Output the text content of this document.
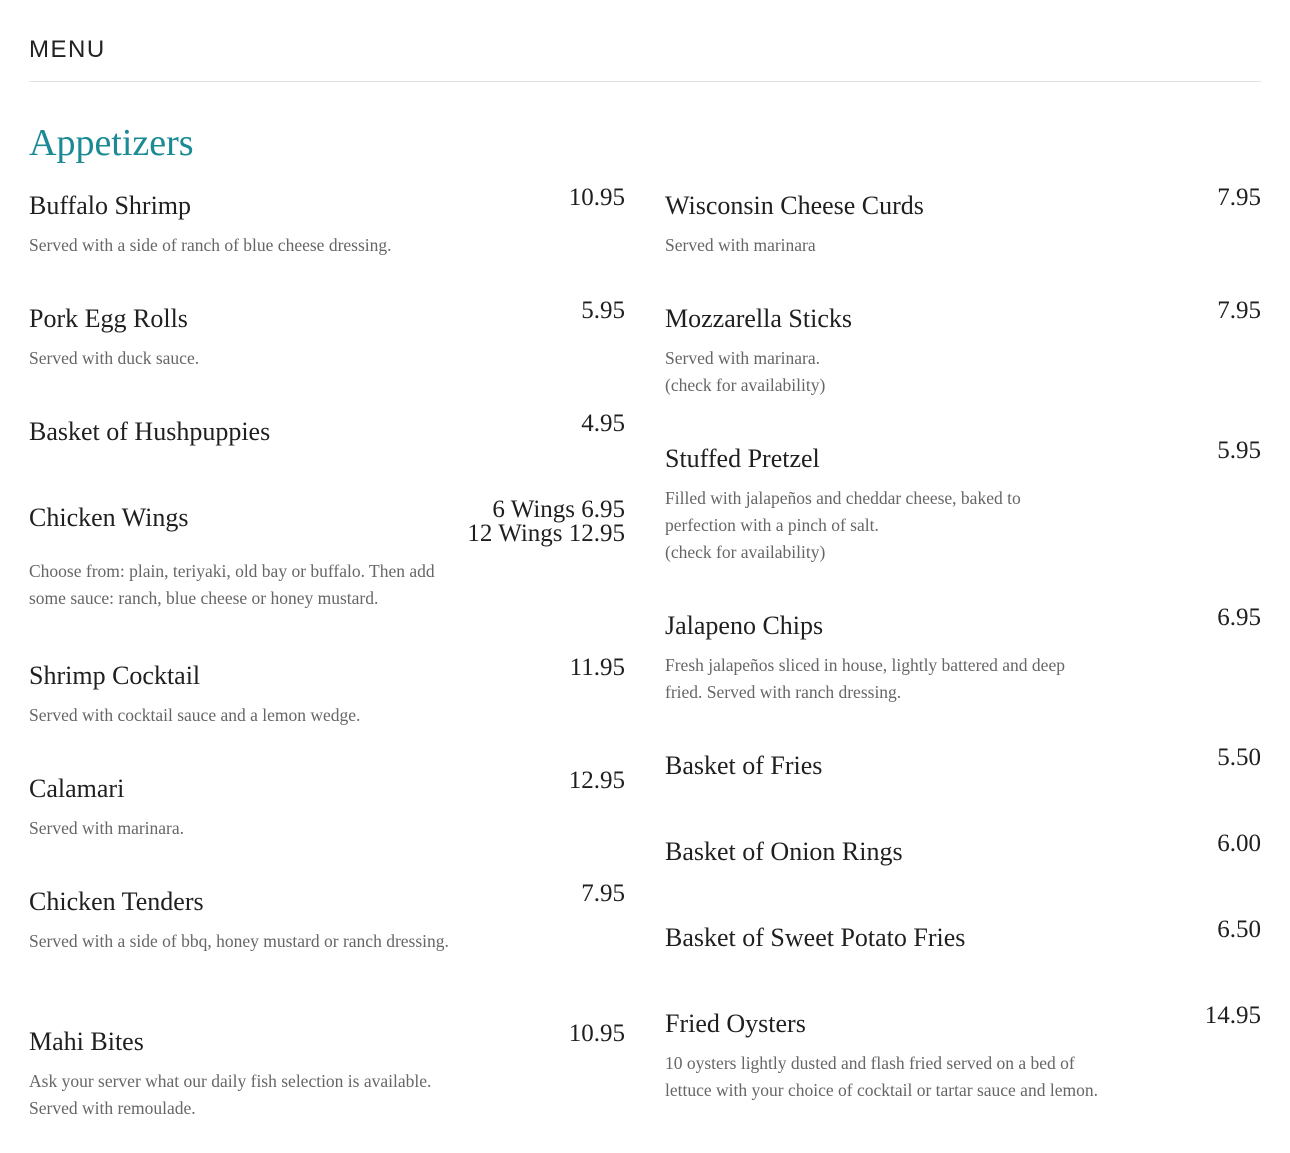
MENU
Appetizers
Buffalo Shrimp	10.95
Served with a side of ranch of blue cheese dressing.
Pork Egg Rolls	5.95
Served with duck sauce.
Basket of Hushpuppies	4.95
Chicken Wings	6 Wings 6.95
12 Wings 12.95
Choose from: plain, teriyaki, old bay or buffalo. Then add some sauce: ranch, blue cheese or honey mustard.
Shrimp Cocktail	11.95
Served with cocktail sauce and a lemon wedge.
Calamari	12.95
Served with marinara.
Chicken Tenders	7.95
Served with a side of bbq, honey mustard or ranch dressing.
Mahi Bites	10.95
Ask your server what our daily fish selection is available.
Served with remoulade.
Wisconsin Cheese Curds	7.95
Served with marinara
Mozzarella Sticks	7.95
Served with marinara.
(check for availability)
Stuffed Pretzel	5.95
Filled with jalapeños and cheddar cheese, baked to perfection with a pinch of salt.
(check for availability)
Jalapeno Chips	6.95
Fresh jalapeños sliced in house, lightly battered and deep fried. Served with ranch dressing.
Basket of Fries	5.50
Basket of Onion Rings	6.00
Basket of Sweet Potato Fries	6.50
Fried Oysters	14.95
10 oysters lightly dusted and flash fried served on a bed of lettuce with your choice of cocktail or tartar sauce and lemon.
